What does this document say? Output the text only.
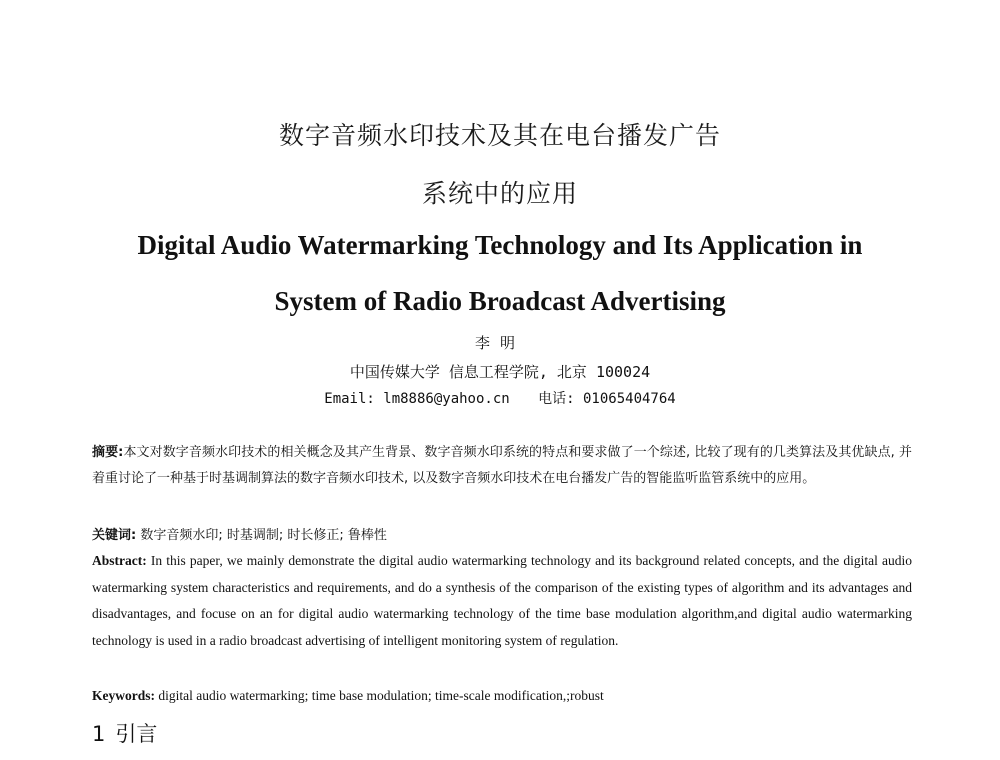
数字音频水印技术及其在电台播发广告
系统中的应用
Digital Audio Watermarking Technology and Its Application in
System of Radio Broadcast Advertising
李明
中国传媒大学 信息工程学院, 北京 100024
Email: lm8886@yahoo.cn 电话: 01065404764
摘要:本文对数字音频水印技术的相关概念及其产生背景、数字音频水印系统的特点和要求做了一个综述, 比较了现有的几类算法及其优缺点, 并着重讨论了一种基于时基调制算法的数字音频水印技术, 以及数字音频水印技术在电台播发广告的智能监听监管系统中的应用。
关键词: 数字音频水印; 时基调制; 时长修正; 鲁棒性
Abstract: In this paper, we mainly demonstrate the digital audio watermarking technology and its background related concepts, and the digital audio watermarking system characteristics and requirements, and do a synthesis of the comparison of the existing types of algorithm and its advantages and disadvantages, and focuse on an for digital audio watermarking technology of the time base modulation algorithm,and digital audio watermarking technology is used in a radio broadcast advertising of intelligent monitoring system of regulation.
Keywords: digital audio watermarking; time base modulation; time-scale modification,;robust
1 引言
